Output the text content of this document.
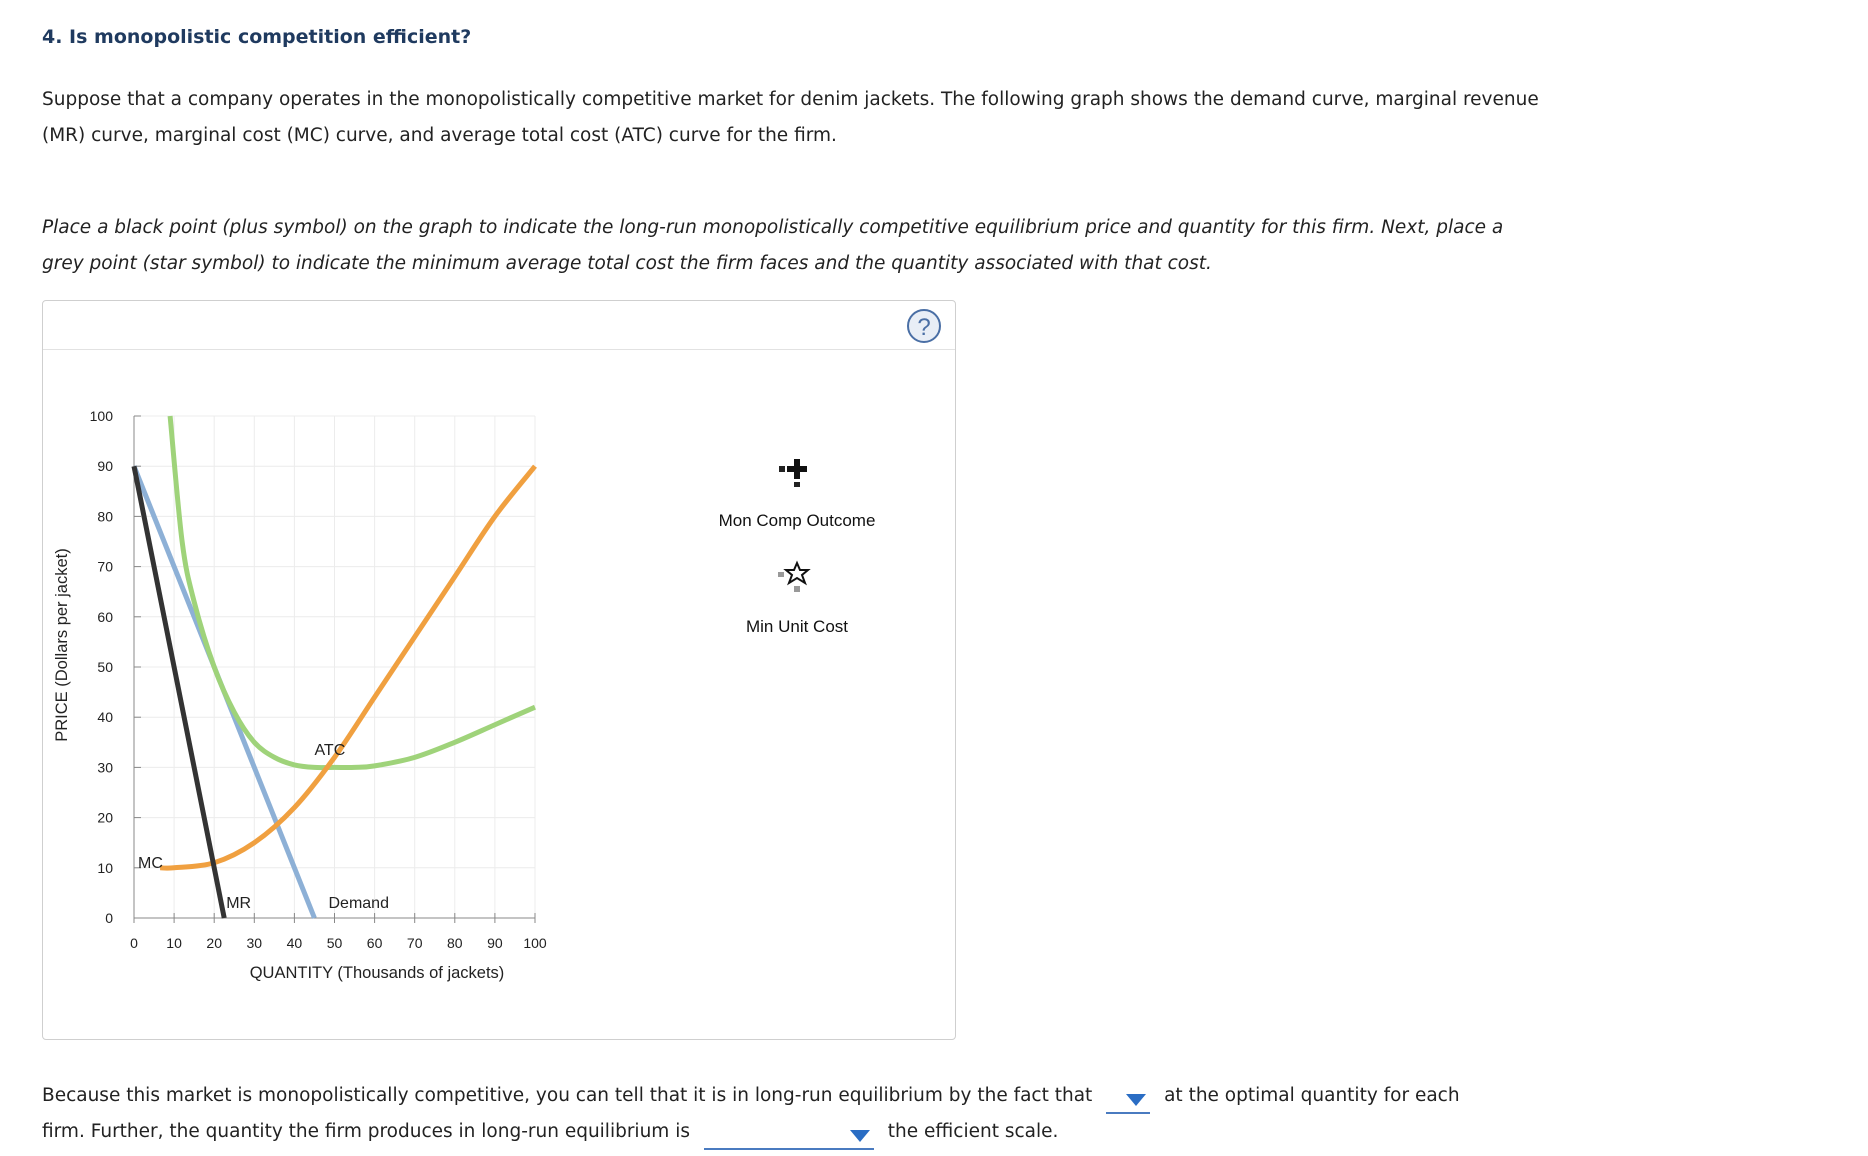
4. Is monopolistic competition efficient?

Suppose that a company operates in the monopolistically competitive market for denim jackets. The following graph shows the demand curve, marginal revenue (MR) curve, marginal cost (MC) curve, and average total cost (ATC) curve for the firm.

Place a black point (plus symbol) on the graph to indicate the long-run monopolistically competitive equilibrium price and quantity for this firm. Next, place a grey point (star symbol) to indicate the minimum average total cost the firm faces and the quantity associated with that cost.

?
0 10 20 30 40 50 60 70 80 90 100
0
10
20
30
40
50
60
70
80
90
100
MC
MR	Demand
ATC
QUANTITY (Thousands of jackets)
PRICE (Dollars per jacket)
Mon Comp Outcome
Min Unit Cost

Because this market is monopolistically competitive, you can tell that it is in long-run equilibrium by the fact that	at the optimal quantity for each

firm. Further, the quantity the firm produces in long-run equilibrium is	the efficient scale.
